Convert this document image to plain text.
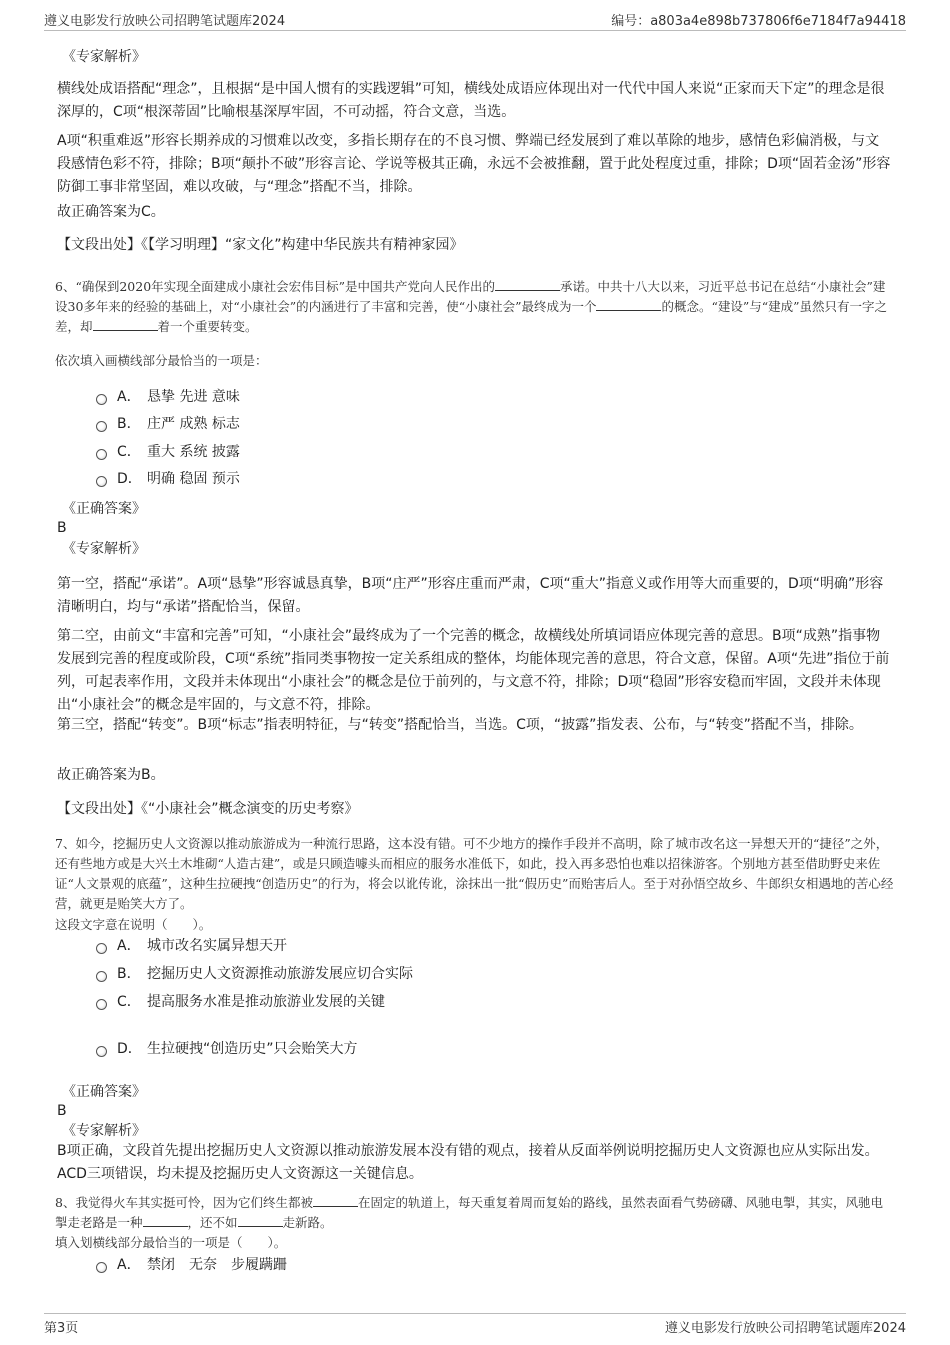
遵义电影发行放映公司招聘笔试题库2024	编号：a803a4e898b737806f6e7184f7a94418
《专家解析》

横线处成语搭配“理念”，且根据“是中国人惯有的实践逻辑”可知，横线处成语应体现出对一代代中国人来说“正家而天下定”的理念是很深厚的，C项“根深蒂固”比喻根基深厚牢固，不可动摇，符合文意，当选。

A项“积重难返”形容长期养成的习惯难以改变，多指长期存在的不良习惯、弊端已经发展到了难以革除的地步，感情色彩偏消极，与文段感情色彩不符，排除；B项“颠扑不破”形容言论、学说等极其正确，永远不会被推翻，置于此处程度过重，排除；D项“固若金汤”形容防御工事非常坚固，难以攻破，与“理念”搭配不当，排除。

故正确答案为C。

【文段出处】《【学习明理】“家文化”构建中华民族共有精神家园》

6、“确保到2020年实现全面建成小康社会宏伟目标”是中国共产党向人民作出的	承诺。中共十八大以来，习近平总书记在总结“小康社会”建设30多年来的经验的基础上，对“小康社会”的内涵进行了丰富和完善，使“小康社会”最终成为一个	的概念。“建设”与“建成”虽然只有一字之差，却	着一个重要转变。

依次填入画横线部分最恰当的一项是：

A． 恳挚 先进 意味
B． 庄严 成熟 标志
C． 重大 系统 披露
D． 明确 稳固 预示
《正确答案》
B
《专家解析》

第一空，搭配“承诺”。A项“恳挚”形容诚恳真挚，B项“庄严”形容庄重而严肃，C项“重大”指意义或作用等大而重要的，D项“明确”形容清晰明白，均与“承诺”搭配恰当，保留。

第二空，由前文“丰富和完善”可知，“小康社会”最终成为了一个完善的概念，故横线处所填词语应体现完善的意思。B项“成熟”指事物发展到完善的程度或阶段，C项“系统”指同类事物按一定关系组成的整体，均能体现完善的意思，符合文意，保留。A项“先进”指位于前列，可起表率作用，文段并未体现出“小康社会”的概念是位于前列的，与文意不符，排除；D项“稳固”形容安稳而牢固，文段并未体现出“小康社会”的概念是牢固的，与文意不符，排除。

第三空，搭配“转变”。B项“标志”指表明特征，与“转变”搭配恰当，当选。C项，“披露”指发表、公布，与“转变”搭配不当，排除。

故正确答案为B。

【文段出处】《“小康社会”概念演变的历史考察》

7、如今，挖掘历史人文资源以推动旅游成为一种流行思路，这本没有错。可不少地方的操作手段并不高明，除了城市改名这一异想天开的“捷径”之外，还有些地方或是大兴土木堆砌“人造古建”，或是只顾造噱头而相应的服务水准低下，如此，投入再多恐怕也难以招徕游客。个别地方甚至借助野史来佐证“人文景观的底蕴”，这种生拉硬拽“创造历史”的行为，将会以讹传讹，涂抹出一批“假历史”而贻害后人。至于对孙悟空故乡、牛郎织女相遇地的苦心经营，就更是贻笑大方了。

这段文字意在说明（　　）。

A． 城市改名实属异想天开
B． 挖掘历史人文资源推动旅游发展应切合实际
C． 提高服务水准是推动旅游业发展的关键
D． 生拉硬拽“创造历史”只会贻笑大方
《正确答案》
B
《专家解析》

B项正确，文段首先提出挖掘历史人文资源以推动旅游发展本没有错的观点，接着从反面举例说明挖掘历史人文资源也应从实际出发。ACD三项错误，均未提及挖掘历史人文资源这一关键信息。

8、我觉得火车其实挺可怜，因为它们终生都被	在固定的轨道上，每天重复着周而复始的路线，虽然表面看气势磅礴、风驰电掣，其实，风驰电掣走老路是一种	，还不如	走新路。

填入划横线部分最恰当的一项是（　　）。

A． 禁闭　无奈　步履蹒跚
第3页	遵义电影发行放映公司招聘笔试题库2024
